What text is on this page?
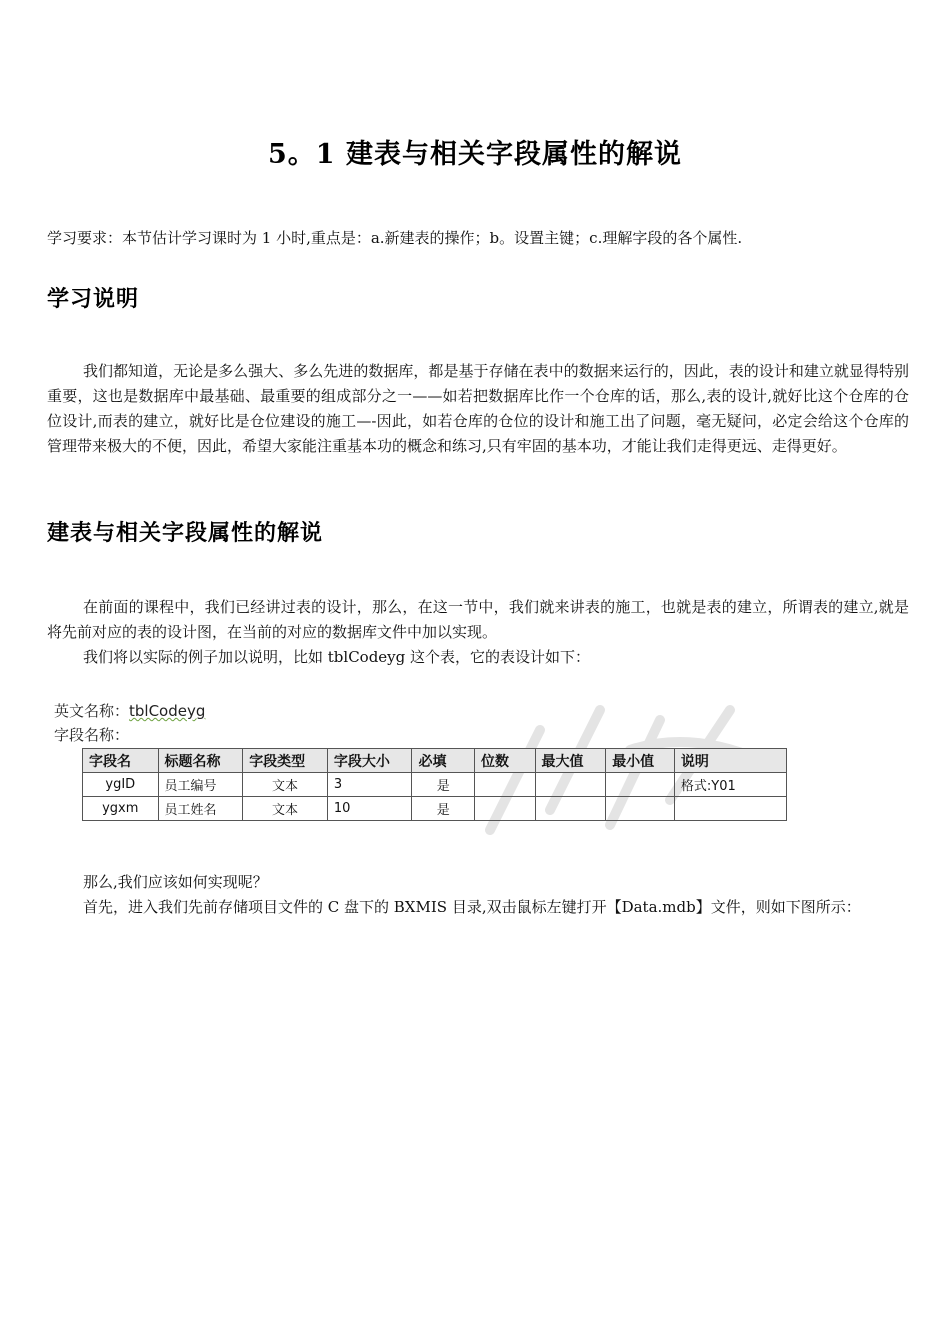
5。1 建表与相关字段属性的解说
学习要求：本节估计学习课时为 1 小时,重点是：a.新建表的操作；b。设置主键；c.理解字段的各个属性.
学习说明

我们都知道，无论是多么强大、多么先进的数据库，都是基于存储在表中的数据来运行的，因此，表的设计和建立就显得特别重要，这也是数据库中最基础、最重要的组成部分之一——如若把数据库比作一个仓库的话，那么,表的设计,就好比这个仓库的仓位设计,而表的建立，就好比是仓位建设的施工—-因此，如若仓库的仓位的设计和施工出了问题，毫无疑问，必定会给这个仓库的管理带来极大的不便，因此，希望大家能注重基本功的概念和练习,只有牢固的基本功，才能让我们走得更远、走得更好。

建表与相关字段属性的解说

在前面的课程中，我们已经讲过表的设计，那么，在这一节中，我们就来讲表的施工，也就是表的建立，所谓表的建立,就是将先前对应的表的设计图，在当前的对应的数据库文件中加以实现。

我们将以实际的例子加以说明，比如 tblCodeyg 这个表，它的表设计如下：

英文名称：tblCodeyg
字段名称：
字段名	标题名称	字段类型	字段大小	必填	位数	最大值	最小值	说明
ygID	员工编号	文本	3	是				格式:Y01
ygxm	员工姓名	文本	10	是				

那么,我们应该如何实现呢？

首先，进入我们先前存储项目文件的 C 盘下的 BXMIS 目录,双击鼠标左键打开【Data.mdb】文件，则如下图所示：
